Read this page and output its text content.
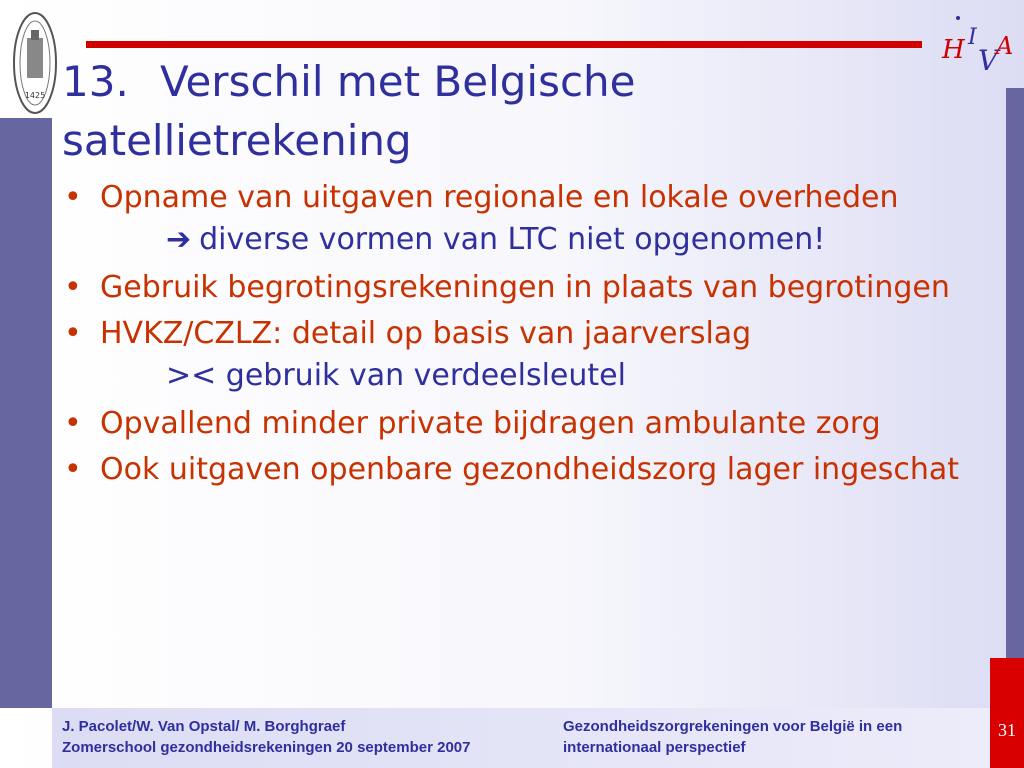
1425
H I
V
A
13. Verschil met Belgische
satellietrekening
• Opname van uitgaven regionale en lokale overheden
➔ diverse vormen van LTC niet opgenomen!
• Gebruik begrotingsrekeningen in plaats van begrotingen
• HVKZ/CZLZ: detail op basis van jaarverslag
>< gebruik van verdeelsleutel
• Opvallend minder private bijdragen ambulante zorg
• Ook uitgaven openbare gezondheidszorg lager ingeschat
J. Pacolet/W. Van Opstal/ M. Borghgraef
Zomerschool gezondheidsrekeningen 20 september 2007
Gezondheidszorgrekeningen voor België in een
internationaal perspectief
31
